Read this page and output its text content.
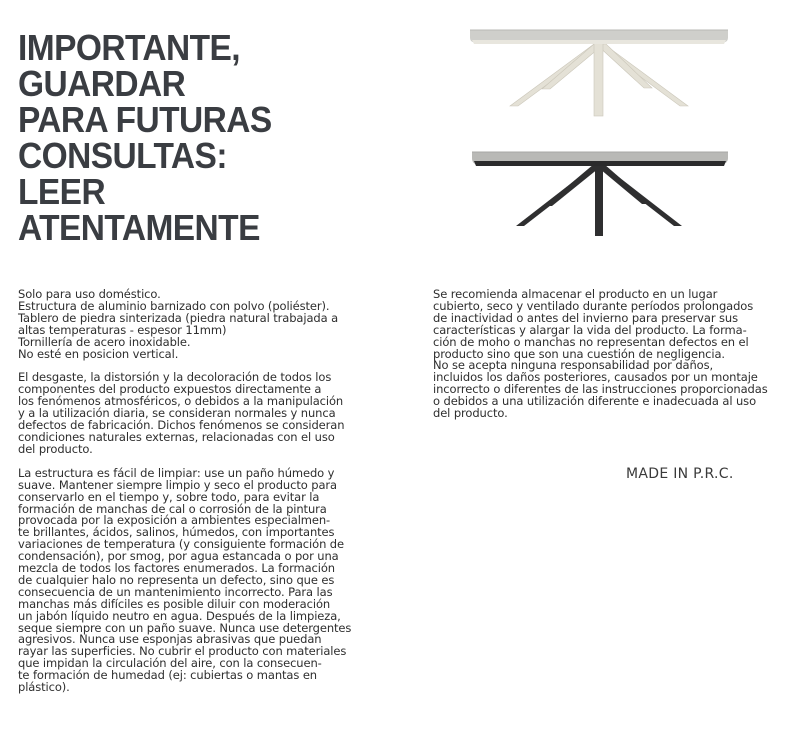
IMPORTANTE,
GUARDAR
PARA FUTURAS
CONSULTAS:
LEER
ATENTAMENTE

Solo para uso doméstico.
Estructura de aluminio barnizado con polvo (poliéster).
Tablero de piedra sinterizada (piedra natural trabajada a
altas temperaturas - espesor 11mm)
Tornillería de acero inoxidable.
No esté en posicion vertical.

El desgaste, la distorsión y la decoloración de todos los
componentes del producto expuestos directamente a
los fenómenos atmosféricos, o debidos a la manipulación
y a la utilización diaria, se consideran normales y nunca
defectos de fabricación. Dichos fenómenos se consideran
condiciones naturales externas, relacionadas con el uso
del producto.

La estructura es fácil de limpiar: use un paño húmedo y
suave. Mantener siempre limpio y seco el producto para
conservarlo en el tiempo y, sobre todo, para evitar la
formación de manchas de cal o corrosión de la pintura
provocada por la exposición a ambientes especialmen-
te brillantes, ácidos, salinos, húmedos, con importantes
variaciones de temperatura (y consiguiente formación de
condensación), por smog, por agua estancada o por una
mezcla de todos los factores enumerados. La formación
de cualquier halo no representa un defecto, sino que es
consecuencia de un mantenimiento incorrecto. Para las
manchas más difíciles es posible diluir con moderación
un jabón líquido neutro en agua. Después de la limpieza,
seque siempre con un paño suave. Nunca use detergentes
agresivos. Nunca use esponjas abrasivas que puedan
rayar las superficies. No cubrir el producto con materiales
que impidan la circulación del aire, con la consecuen-
te formación de humedad (ej: cubiertas o mantas en
plástico).

Se recomienda almacenar el producto en un lugar
cubierto, seco y ventilado durante períodos prolongados
de inactividad o antes del invierno para preservar sus
características y alargar la vida del producto. La forma-
ción de moho o manchas no representan defectos en el
producto sino que son una cuestión de negligencia.
No se acepta ninguna responsabilidad por daños,
incluidos los daños posteriores, causados por un montaje
incorrecto o diferentes de las instrucciones proporcionadas
o debidos a una utilización diferente e inadecuada al uso
del producto.

MADE IN P.R.C.
